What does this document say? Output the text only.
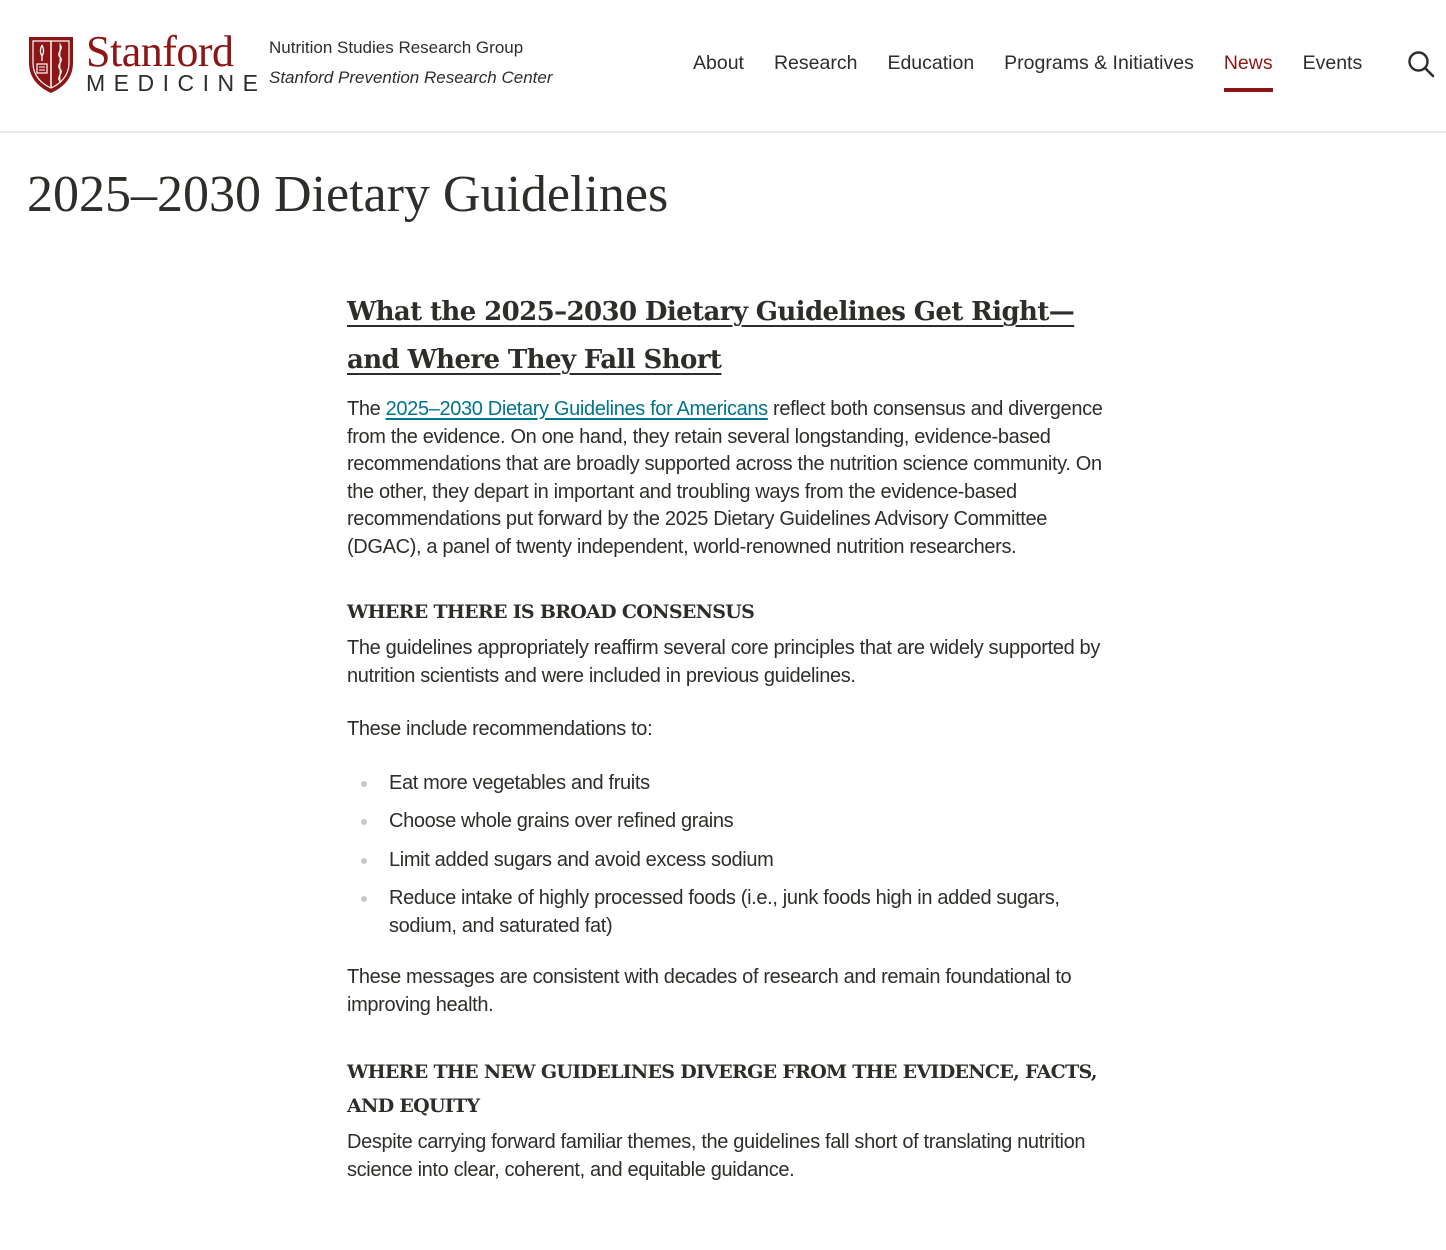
Stanford
MEDICINE
Nutrition Studies Research Group
Stanford Prevention Research Center
About Research Education Programs & Initiatives News Events
2025–2030 Dietary Guidelines
What the 2025–2030 Dietary Guidelines Get Right—and Where They Fall Short

The 2025–2030 Dietary Guidelines for Americans reflect both consensus and divergence from the evidence. On one hand, they retain several longstanding, evidence-based recommendations that are broadly supported across the nutrition science community. On the other, they depart in important and troubling ways from the evidence-based recommendations put forward by the 2025 Dietary Guidelines Advisory Committee (DGAC), a panel of twenty independent, world-renowned nutrition researchers.

WHERE THERE IS BROAD CONSENSUS

The guidelines appropriately reaffirm several core principles that are widely supported by nutrition scientists and were included in previous guidelines.

These include recommendations to:

Eat more vegetables and fruits
Choose whole grains over refined grains
Limit added sugars and avoid excess sodium
Reduce intake of highly processed foods (i.e., junk foods high in added sugars, sodium, and saturated fat)

These messages are consistent with decades of research and remain foundational to improving health.

WHERE THE NEW GUIDELINES DIVERGE FROM THE EVIDENCE, FACTS, AND EQUITY

Despite carrying forward familiar themes, the guidelines fall short of translating nutrition science into clear, coherent, and equitable guidance.
